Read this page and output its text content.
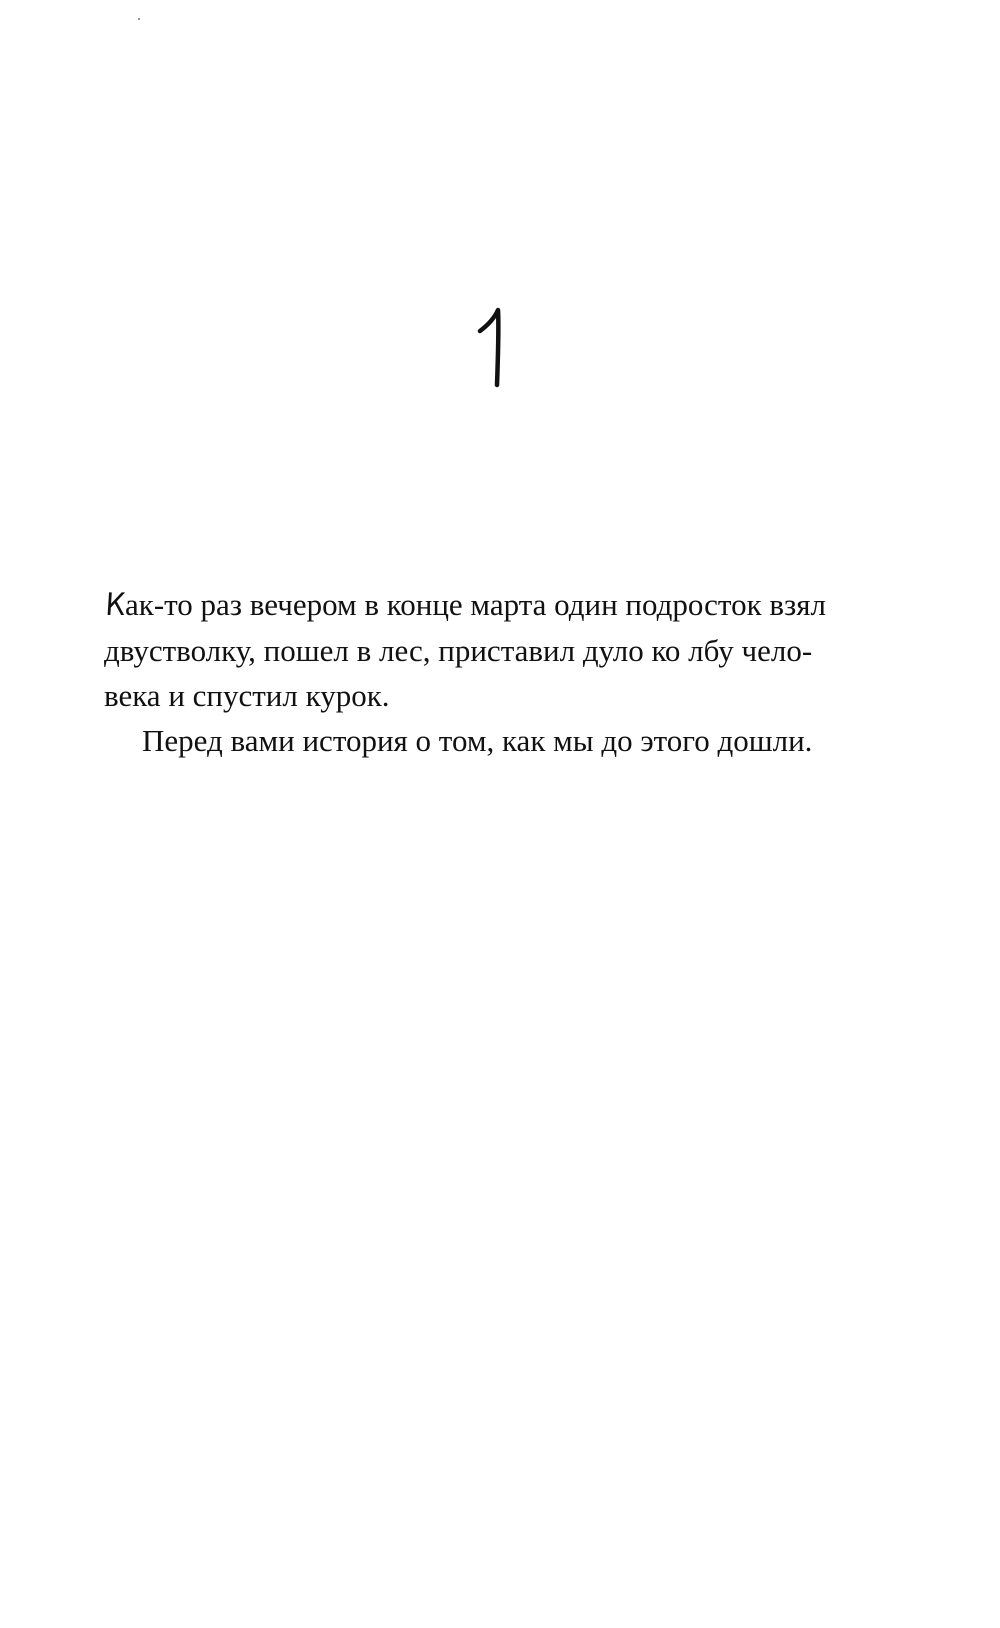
Как-то раз вечером в конце марта один подросток взял
двустволку, пошел в лес, приставил дуло ко лбу чело-
века и спустил курок.

Перед вами история о том, как мы до этого дошли.
